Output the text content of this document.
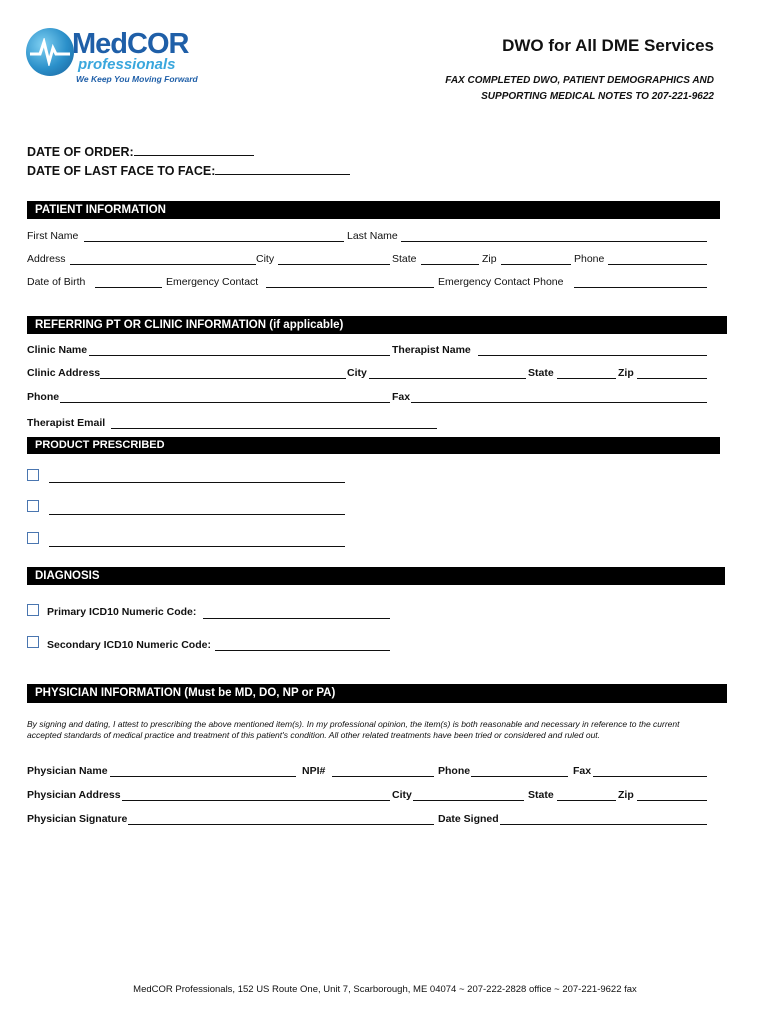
MedCOR
professionals
We Keep You Moving Forward
DWO for All DME Services
FAX COMPLETED DWO, PATIENT DEMOGRAPHICS AND
SUPPORTING MEDICAL NOTES TO 207-221-9622
DATE OF ORDER:
DATE OF LAST FACE TO FACE:
PATIENT INFORMATION
First Name	Last Name
Address	City	State	Zip	Phone
Date of Birth	Emergency Contact	Emergency Contact Phone
REFERRING PT OR CLINIC INFORMATION (if applicable)
Clinic Name	Therapist Name
Clinic Address	City	State	Zip
Phone	Fax
Therapist Email
PRODUCT PRESCRIBED
DIAGNOSIS
Primary ICD10 Numeric Code:
Secondary ICD10 Numeric Code:
PHYSICIAN INFORMATION (Must be MD, DO, NP or PA)
By signing and dating, I attest to prescribing the above mentioned item(s). In my professional opinion, the item(s) is both reasonable and necessary in reference to the current accepted standards of medical practice and treatment of this patient's condition. All other related treatments have been tried or considered and ruled out.
Physician Name	NPI#	Phone	Fax
Physician Address	City	State	Zip
Physician Signature	Date Signed
MedCOR Professionals, 152 US Route One, Unit 7, Scarborough, ME 04074 ~ 207-222-2828 office ~ 207-221-9622 fax
